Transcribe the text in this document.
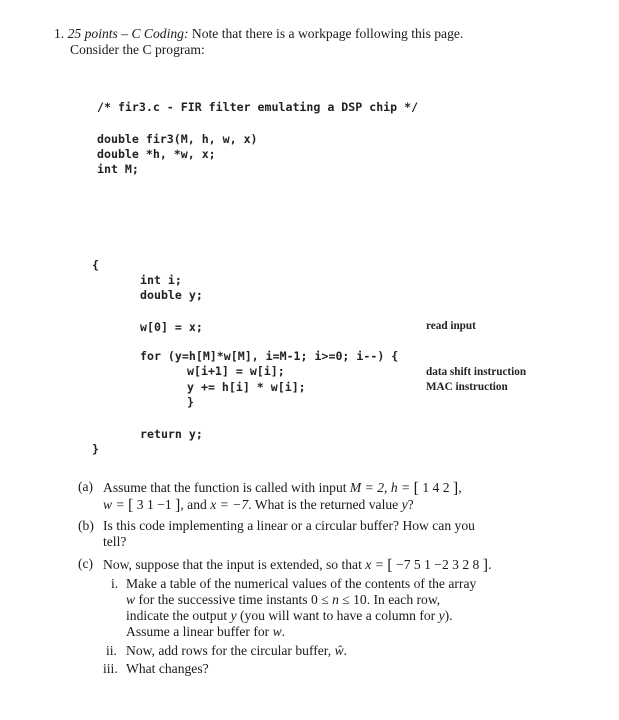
1. 25 points – C Coding: Note that there is a workpage following this page.
Consider the C program:
/* fir3.c - FIR filter emulating a DSP chip */
double fir3(M, h, w, x)
double *h, *w, x;
int M;
{
int i;
double y;
w[0] = x;
for (y=h[M]*w[M], i=M-1; i>=0; i--) {
w[i+1] = w[i];
y += h[i] * w[i];
}
return y;
}
read input
data shift instruction
MAC instruction
(a) Assume that the function is called with input M = 2, h = [ 1 4 2 ],
w = [ 3 1 −1 ], and x = −7. What is the returned value y?
(b) Is this code implementing a linear or a circular buffer? How can you
tell?
(c) Now, suppose that the input is extended, so that x = [ −7 5 1 −2 3 2 8 ].
i. Make a table of the numerical values of the contents of the array
w for the successive time instants 0 ≤ n ≤ 10. In each row,
indicate the output y (you will want to have a column for y).
Assume a linear buffer for w.
ii. Now, add rows for the circular buffer, ŵ.
iii. What changes?
